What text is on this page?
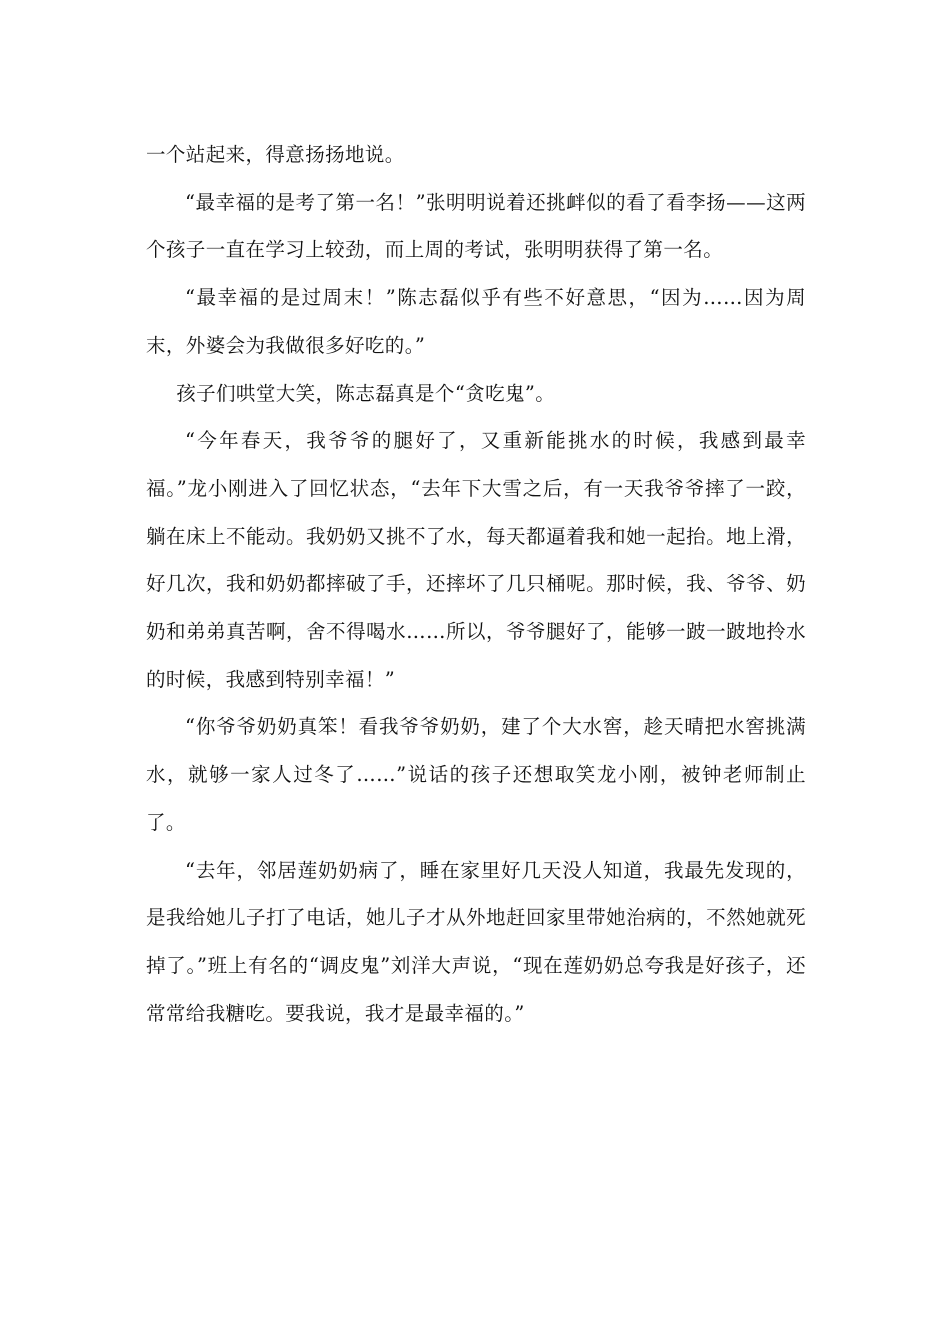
一个站起来，得意扬扬地说。

“最幸福的是考了第一名！”张明明说着还挑衅似的看了看李扬——这两个孩子一直在学习上较劲，而上周的考试，张明明获得了第一名。

“最幸福的是过周末！”陈志磊似乎有些不好意思，“因为……因为周末，外婆会为我做很多好吃的。”

孩子们哄堂大笑，陈志磊真是个“贪吃鬼”。

“今年春天，我爷爷的腿好了，又重新能挑水的时候，我感到最幸福。”龙小刚进入了回忆状态，“去年下大雪之后，有一天我爷爷摔了一跤，躺在床上不能动。我奶奶又挑不了水，每天都逼着我和她一起抬。地上滑，好几次，我和奶奶都摔破了手，还摔坏了几只桶呢。那时候，我、爷爷、奶奶和弟弟真苦啊，舍不得喝水……所以，爷爷腿好了，能够一跛一跛地拎水的时候，我感到特别幸福！”

“你爷爷奶奶真笨！看我爷爷奶奶，建了个大水窖，趁天晴把水窖挑满水，就够一家人过冬了……”说话的孩子还想取笑龙小刚，被钟老师制止了。

“去年，邻居莲奶奶病了，睡在家里好几天没人知道，我最先发现的，是我给她儿子打了电话，她儿子才从外地赶回家里带她治病的，不然她就死掉了。”班上有名的“调皮鬼”刘洋大声说，“现在莲奶奶总夸我是好孩子，还常常给我糖吃。要我说，我才是最幸福的。”
